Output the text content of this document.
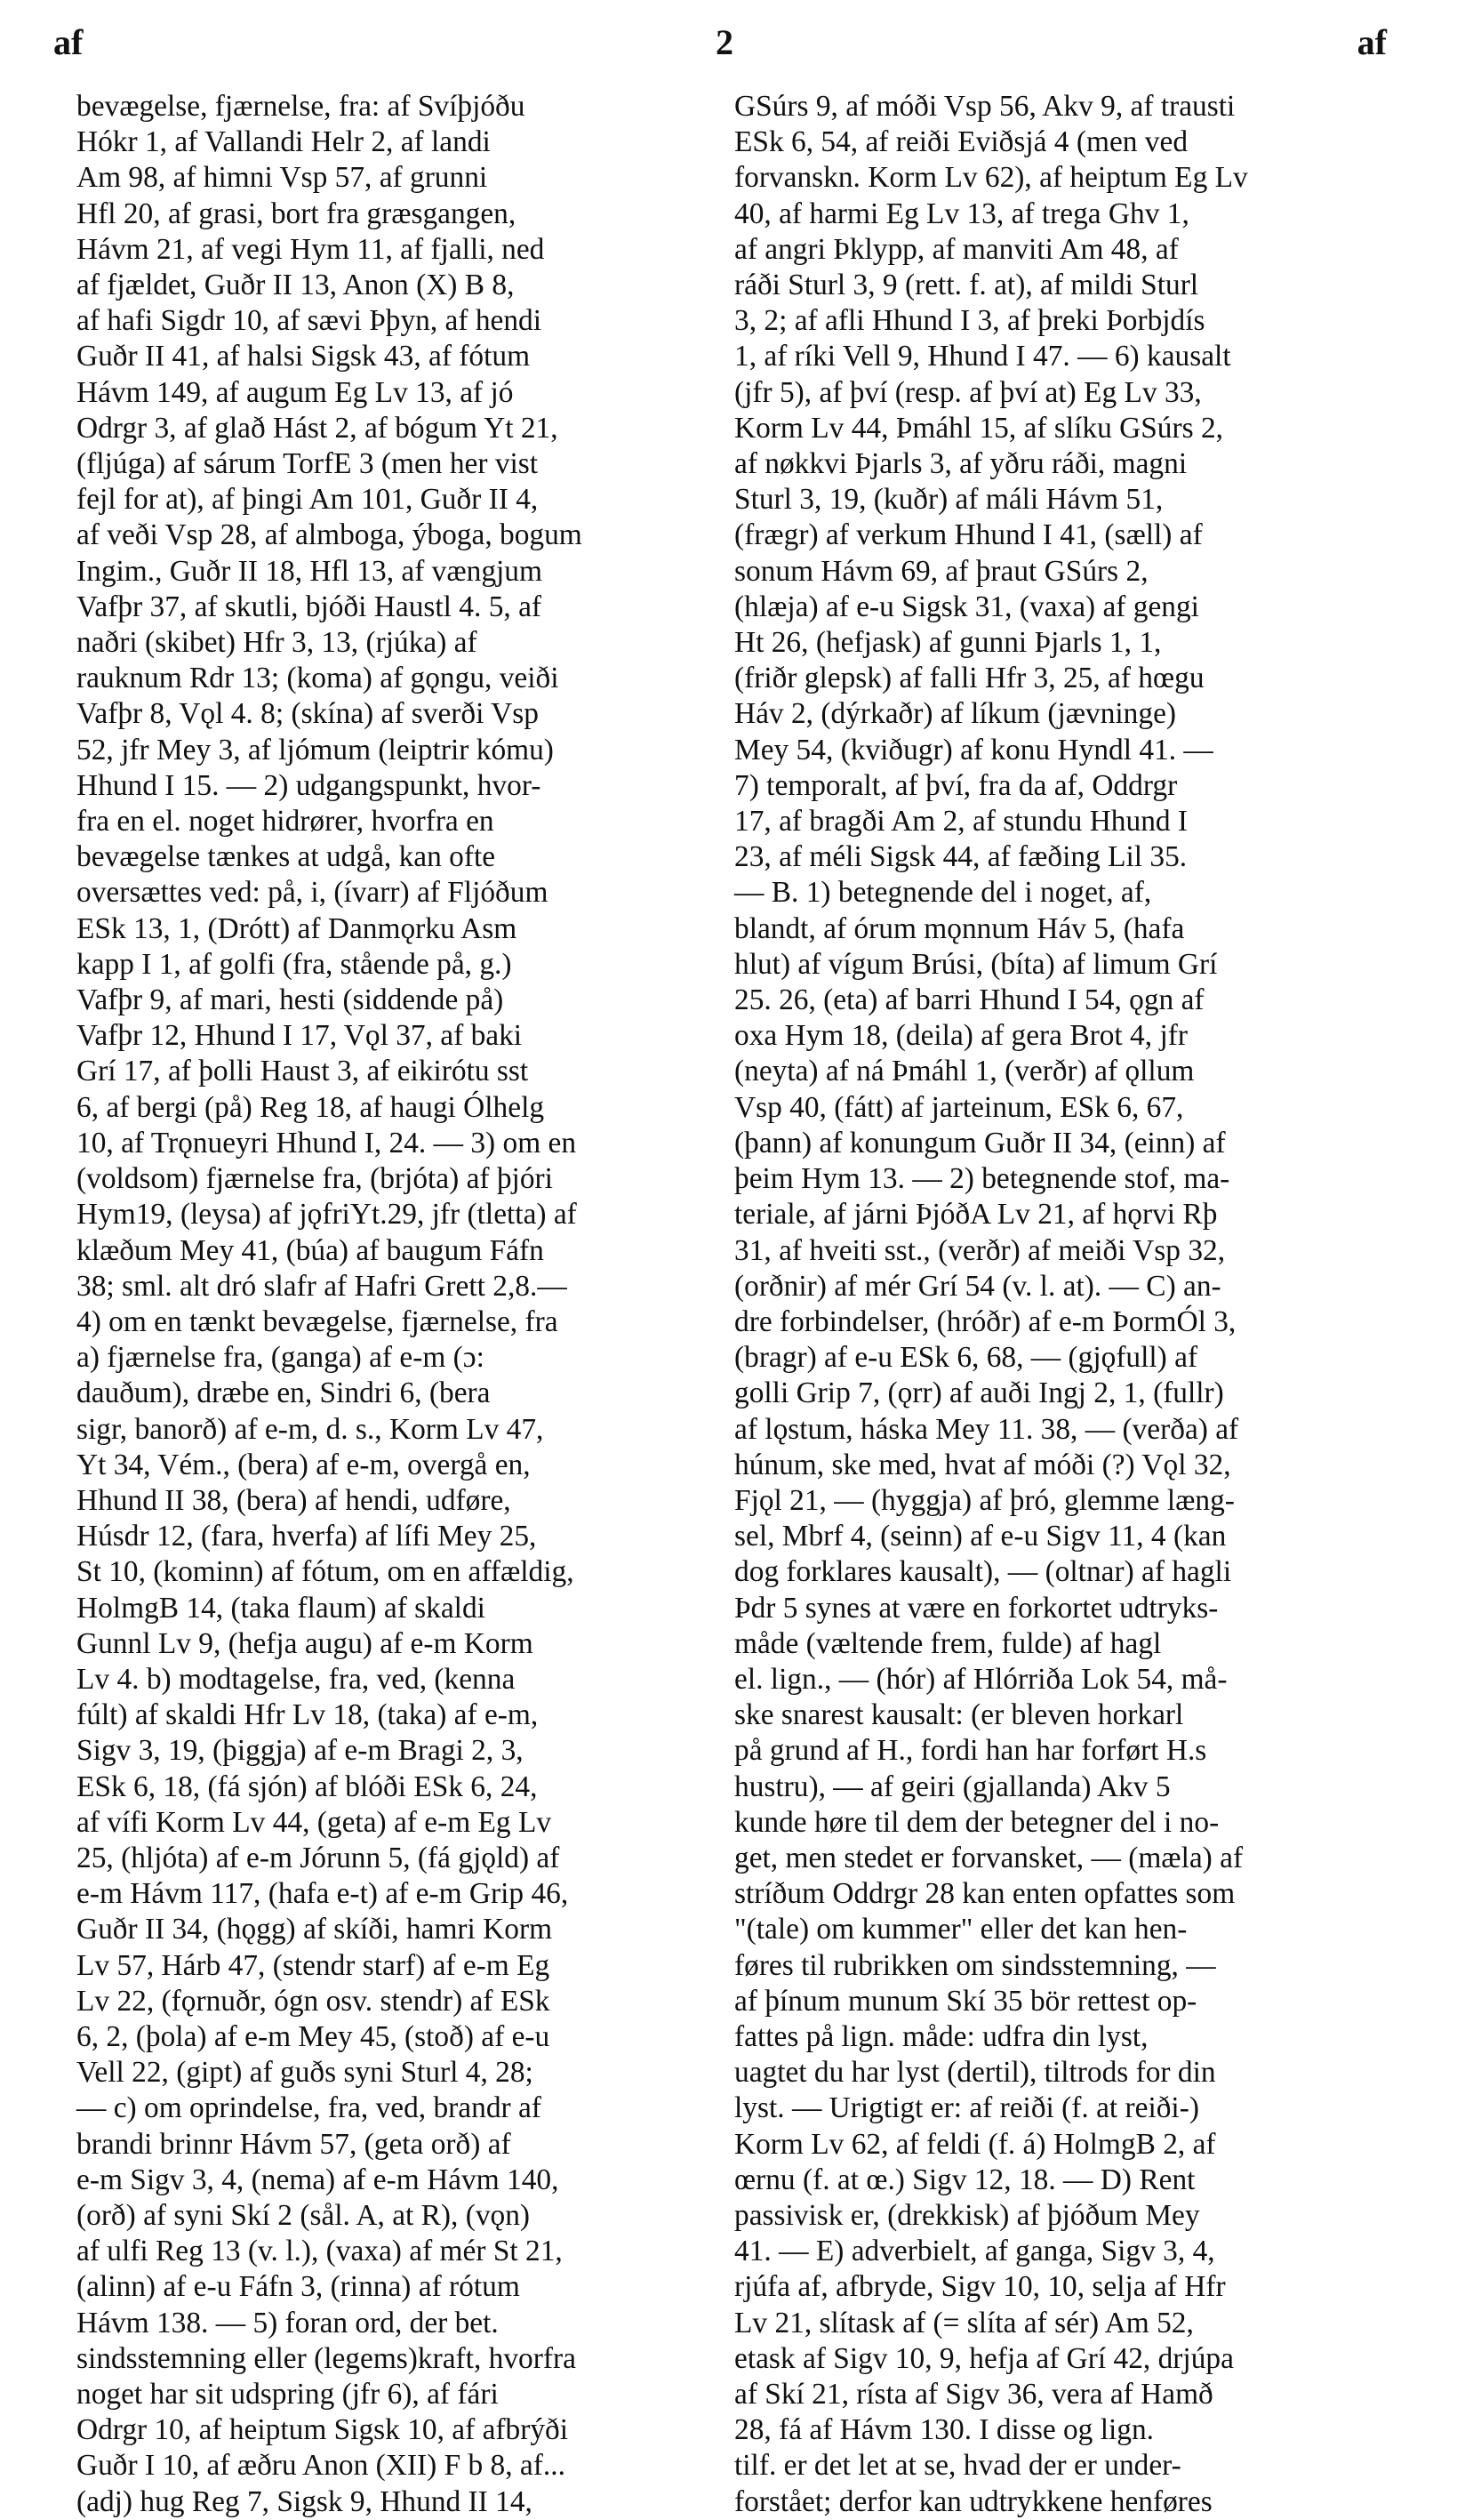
af	2	af
bevægelse, fjærnelse, fra: af Svíþjóðu
Hókr 1, af Vallandi Helr 2, af landi
Am 98, af himni Vsp 57, af grunni
Hfl 20, af grasi, bort fra græsgangen,
Hávm 21, af vegi Hym 11, af fjalli, ned
af fjældet, Guðr II 13, Anon (X) B 8,
af hafi Sigdr 10, af sævi Þþyn, af hendi
Guðr II 41, af halsi Sigsk 43, af fótum
Hávm 149, af augum Eg Lv 13, af jó
Odrgr 3, af glað Hást 2, af bógum Yt 21,
(fljúga) af sárum TorfE 3 (men her vist
fejl for at), af þingi Am 101, Guðr II 4,
af veði Vsp 28, af almboga, ýboga, bogum
Ingim., Guðr II 18, Hfl 13, af vængjum
Vafþr 37, af skutli, bjóði Haustl 4. 5, af
naðri (skibet) Hfr 3, 13, (rjúka) af
rauknum Rdr 13; (koma) af gǫngu, veiði
Vafþr 8, Vǫl 4. 8; (skína) af sverði Vsp
52, jfr Mey 3, af ljómum (leiptrir kómu)
Hhund I 15. — 2) udgangspunkt, hvor-
fra en el. noget hidrører, hvorfra en
bevægelse tænkes at udgå, kan ofte
oversættes ved: på, i, (ívarr) af Fljóðum
ESk 13, 1, (Drótt) af Danmǫrku Asm
kapp I 1, af golfi (fra, stående på, g.)
Vafþr 9, af mari, hesti (siddende på)
Vafþr 12, Hhund I 17, Vǫl 37, af baki
Grí 17, af þolli Haust 3, af eikirótu sst
6, af bergi (på) Reg 18, af haugi Ólhelg
10, af Trǫnueyri Hhund I, 24. — 3) om en
(voldsom) fjærnelse fra, (brjóta) af þjóri
Hym19, (leysa) af jǫfriYt.29, jfr (tletta) af
klæðum Mey 41, (búa) af baugum Fáfn
38; sml. alt dró slafr af Hafri Grett 2,8.—
4) om en tænkt bevægelse, fjærnelse, fra
a) fjærnelse fra, (ganga) af e-m (ɔ:
dauðum), dræbe en, Sindri 6, (bera
sigr, banorð) af e-m, d. s., Korm Lv 47,
Yt 34, Vém., (bera) af e-m, overgå en,
Hhund II 38, (bera) af hendi, udføre,
Húsdr 12, (fara, hverfa) af lífi Mey 25,
St 10, (kominn) af fótum, om en affældig,
HolmgB 14, (taka flaum) af skaldi
Gunnl Lv 9, (hefja augu) af e-m Korm
Lv 4. b) modtagelse, fra, ved, (kenna
fúlt) af skaldi Hfr Lv 18, (taka) af e-m,
Sigv 3, 19, (þiggja) af e-m Bragi 2, 3,
ESk 6, 18, (fá sjón) af blóði ESk 6, 24,
af vífi Korm Lv 44, (geta) af e-m Eg Lv
25, (hljóta) af e-m Jórunn 5, (fá gjǫld) af
e-m Hávm 117, (hafa e-t) af e-m Grip 46,
Guðr II 34, (hǫgg) af skíði, hamri Korm
Lv 57, Hárb 47, (stendr starf) af e-m Eg
Lv 22, (fǫrnuðr, ógn osv. stendr) af ESk
6, 2, (þola) af e-m Mey 45, (stoð) af e-u
Vell 22, (gipt) af guðs syni Sturl 4, 28;
— c) om oprindelse, fra, ved, brandr af
brandi brinnr Hávm 57, (geta orð) af
e-m Sigv 3, 4, (nema) af e-m Hávm 140,
(orð) af syni Skí 2 (sål. A, at R), (vǫn)
af ulfi Reg 13 (v. l.), (vaxa) af mér St 21,
(alinn) af e-u Fáfn 3, (rinna) af rótum
Hávm 138. — 5) foran ord, der bet.
sindsstemning eller (legems)kraft, hvorfra
noget har sit udspring (jfr 6), af fári
Odrgr 10, af heiptum Sigsk 10, af afbrýði
Guðr I 10, af æðru Anon (XII) F b 8, af...
(adj) hug Reg 7, Sigsk 9, Hhund II 14,
GSúrs 9, af móði Vsp 56, Akv 9, af trausti
ESk 6, 54, af reiði Eviðsjá 4 (men ved
forvanskn. Korm Lv 62), af heiptum Eg Lv
40, af harmi Eg Lv 13, af trega Ghv 1,
af angri Þklypp, af manviti Am 48, af
ráði Sturl 3, 9 (rett. f. at), af mildi Sturl
3, 2; af afli Hhund I 3, af þreki Þorbjdís
1, af ríki Vell 9, Hhund I 47. — 6) kausalt
(jfr 5), af því (resp. af því at) Eg Lv 33,
Korm Lv 44, Þmáhl 15, af slíku GSúrs 2,
af nøkkvi Þjarls 3, af yðru ráði, magni
Sturl 3, 19, (kuðr) af máli Hávm 51,
(frægr) af verkum Hhund I 41, (sæll) af
sonum Hávm 69, af þraut GSúrs 2,
(hlæja) af e-u Sigsk 31, (vaxa) af gengi
Ht 26, (hefjask) af gunni Þjarls 1, 1,
(friðr glepsk) af falli Hfr 3, 25, af hœgu
Háv 2, (dýrkaðr) af líkum (jævninge)
Mey 54, (kviðugr) af konu Hyndl 41. —
7) temporalt, af því, fra da af, Oddrgr
17, af bragði Am 2, af stundu Hhund I
23, af méli Sigsk 44, af fæðing Lil 35.
— B. 1) betegnende del i noget, af,
blandt, af órum mǫnnum Háv 5, (hafa
hlut) af vígum Brúsi, (bíta) af limum Grí
25. 26, (eta) af barri Hhund I 54, ǫgn af
oxa Hym 18, (deila) af gera Brot 4, jfr
(neyta) af ná Þmáhl 1, (verðr) af ǫllum
Vsp 40, (fátt) af jarteinum, ESk 6, 67,
(þann) af konungum Guðr II 34, (einn) af
þeim Hym 13. — 2) betegnende stof, ma-
teriale, af járni ÞjóðA Lv 21, af hǫrvi Rþ
31, af hveiti sst., (verðr) af meiði Vsp 32,
(orðnir) af mér Grí 54 (v. l. at). — C) an-
dre forbindelser, (hróðr) af e-m ÞormÓl 3,
(bragr) af e-u ESk 6, 68, — (gjǫfull) af
golli Grip 7, (ǫrr) af auði Ingj 2, 1, (fullr)
af lǫstum, háska Mey 11. 38, — (verða) af
húnum, ske med, hvat af móði (?) Vǫl 32,
Fjǫl 21, — (hyggja) af þró, glemme læng-
sel, Mbrf 4, (seinn) af e-u Sigv 11, 4 (kan
dog forklares kausalt), — (oltnar) af hagli
Þdr 5 synes at være en forkortet udtryks-
måde (væltende frem, fulde) af hagl
el. lign., — (hór) af Hlórriða Lok 54, må-
ske snarest kausalt: (er bleven horkarl
på grund af H., fordi han har forført H.s
hustru), — af geiri (gjallanda) Akv 5
kunde høre til dem der betegner del i no-
get, men stedet er forvansket, — (mæla) af
stríðum Oddrgr 28 kan enten opfattes som
"(tale) om kummer" eller det kan hen-
føres til rubrikken om sindsstemning, —
af þínum munum Skí 35 bör rettest op-
fattes på lign. måde: udfra din lyst,
uagtet du har lyst (dertil), tiltrods for din
lyst. — Urigtigt er: af reiði (f. at reiði-)
Korm Lv 62, af feldi (f. á) HolmgB 2, af
œrnu (f. at œ.) Sigv 12, 18. — D) Rent
passivisk er, (drekkisk) af þjóðum Mey
41. — E) adverbielt, af ganga, Sigv 3, 4,
rjúfa af, afbryde, Sigv 10, 10, selja af Hfr
Lv 21, slítask af (= slíta af sér) Am 52,
etask af Sigv 10, 9, hefja af Grí 42, drjúpa
af Skí 21, rísta af Sigv 36, vera af Hamð
28, fá af Hávm 130. I disse og lign.
tilf. er det let at se, hvad der er under-
forstået; derfor kan udtrykkene henføres
